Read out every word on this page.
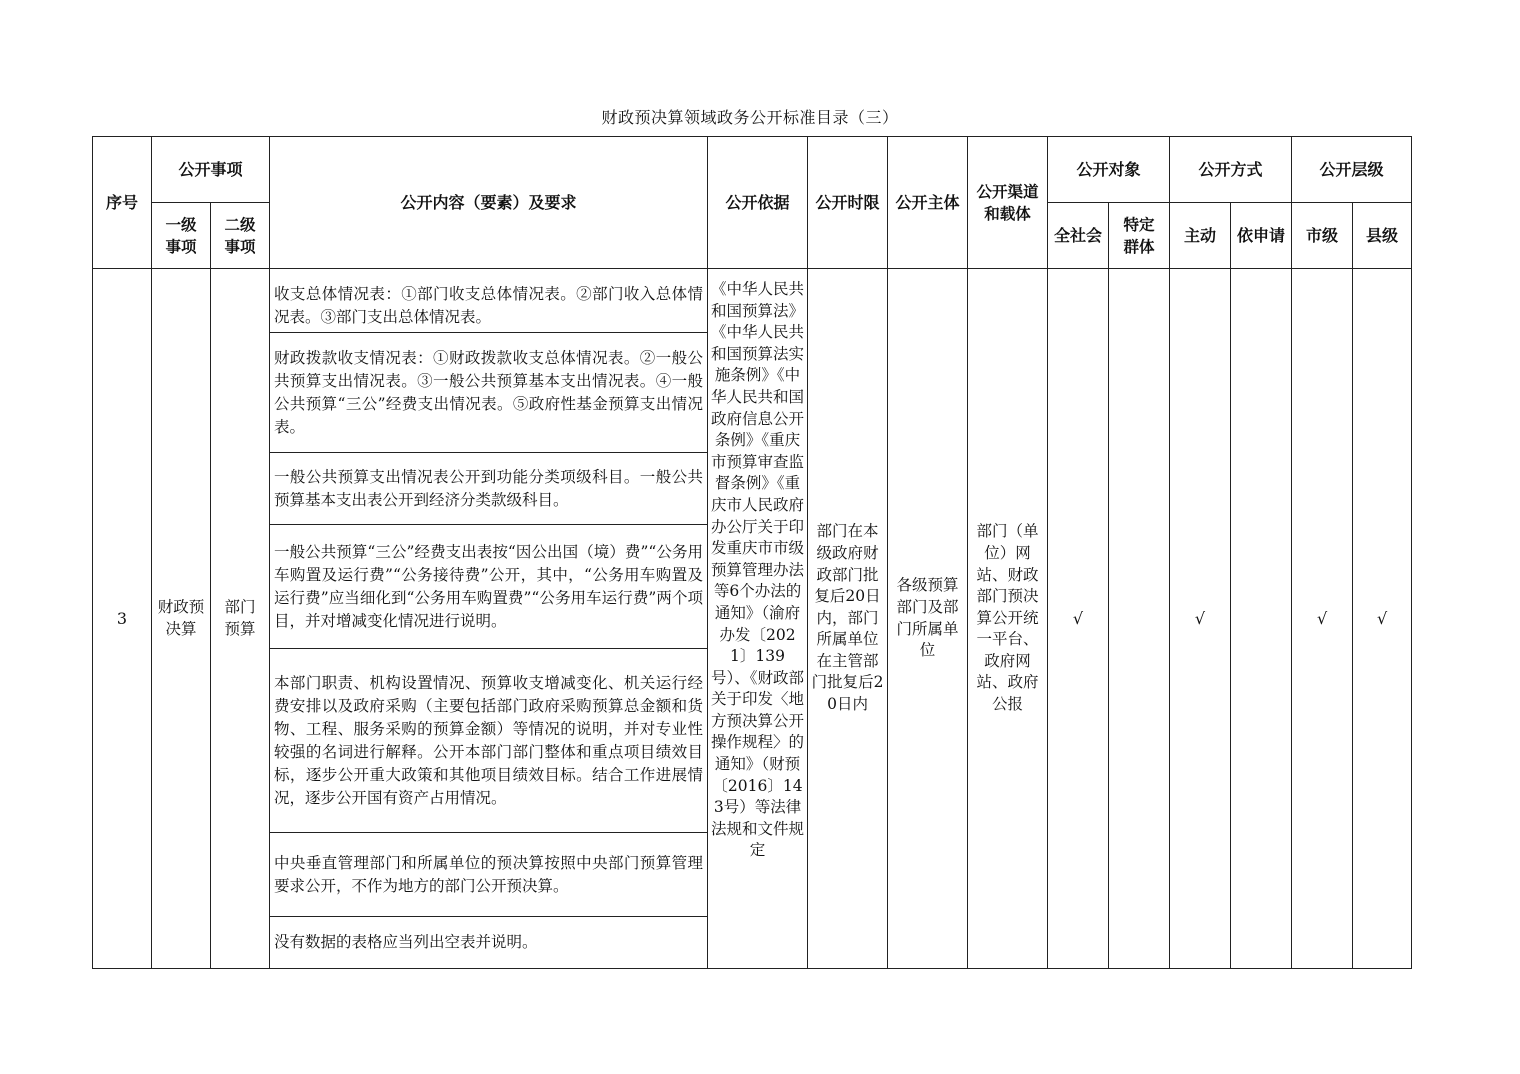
财政预决算领域政务公开标准目录（三）
序号	公开事项		公开内容（要素）及要求	公开依据	公开时限	公开主体	公开渠道和载体	公开对象		公开方式		公开层级	
	一级事项	二级事项						全社会	特定群体	主动	依申请	市级	县级
3	财政预决算	部门预算	收支总体情况表：①部门收支总体情况表。②部门收入总体情况表。③部门支出总体情况表。	《中华人民共和国预算法》《中华人民共和国预算法实施条例》《中华人民共和国政府信息公开条例》《重庆市预算审查监督条例》《重庆市人民政府办公厅关于印发重庆市市级预算管理办法等6个办法的通知》（渝府办发〔2021〕139号）、《财政部关于印发〈地方预决算公开操作规程〉的通知》（财预〔2016〕143号）等法律法规和文件规定	部门在本级政府财政部门批复后20日内，部门所属单位在主管部门批复后20日内	各级预算部门及部门所属单位	部门（单位）网站、财政部门预决算公开统一平台、政府网站、政府公报	√		√		√	√
			财政拨款收支情况表：①财政拨款收支总体情况表。②一般公共预算支出情况表。③一般公共预算基本支出情况表。④一般公共预算“三公”经费支出情况表。⑤政府性基金预算支出情况表。										
			一般公共预算支出情况表公开到功能分类项级科目。一般公共预算基本支出表公开到经济分类款级科目。										
			一般公共预算“三公”经费支出表按“因公出国（境）费”“公务用车购置及运行费”“公务接待费”公开，其中，“公务用车购置及运行费”应当细化到“公务用车购置费”“公务用车运行费”两个项目，并对增减变化情况进行说明。										
			本部门职责、机构设置情况、预算收支增减变化、机关运行经费安排以及政府采购（主要包括部门政府采购预算总金额和货物、工程、服务采购的预算金额）等情况的说明，并对专业性较强的名词进行解释。公开本部门部门整体和重点项目绩效目标，逐步公开重大政策和其他项目绩效目标。结合工作进展情况，逐步公开国有资产占用情况。										
			中央垂直管理部门和所属单位的预决算按照中央部门预算管理要求公开，不作为地方的部门公开预决算。										
			没有数据的表格应当列出空表并说明。										
